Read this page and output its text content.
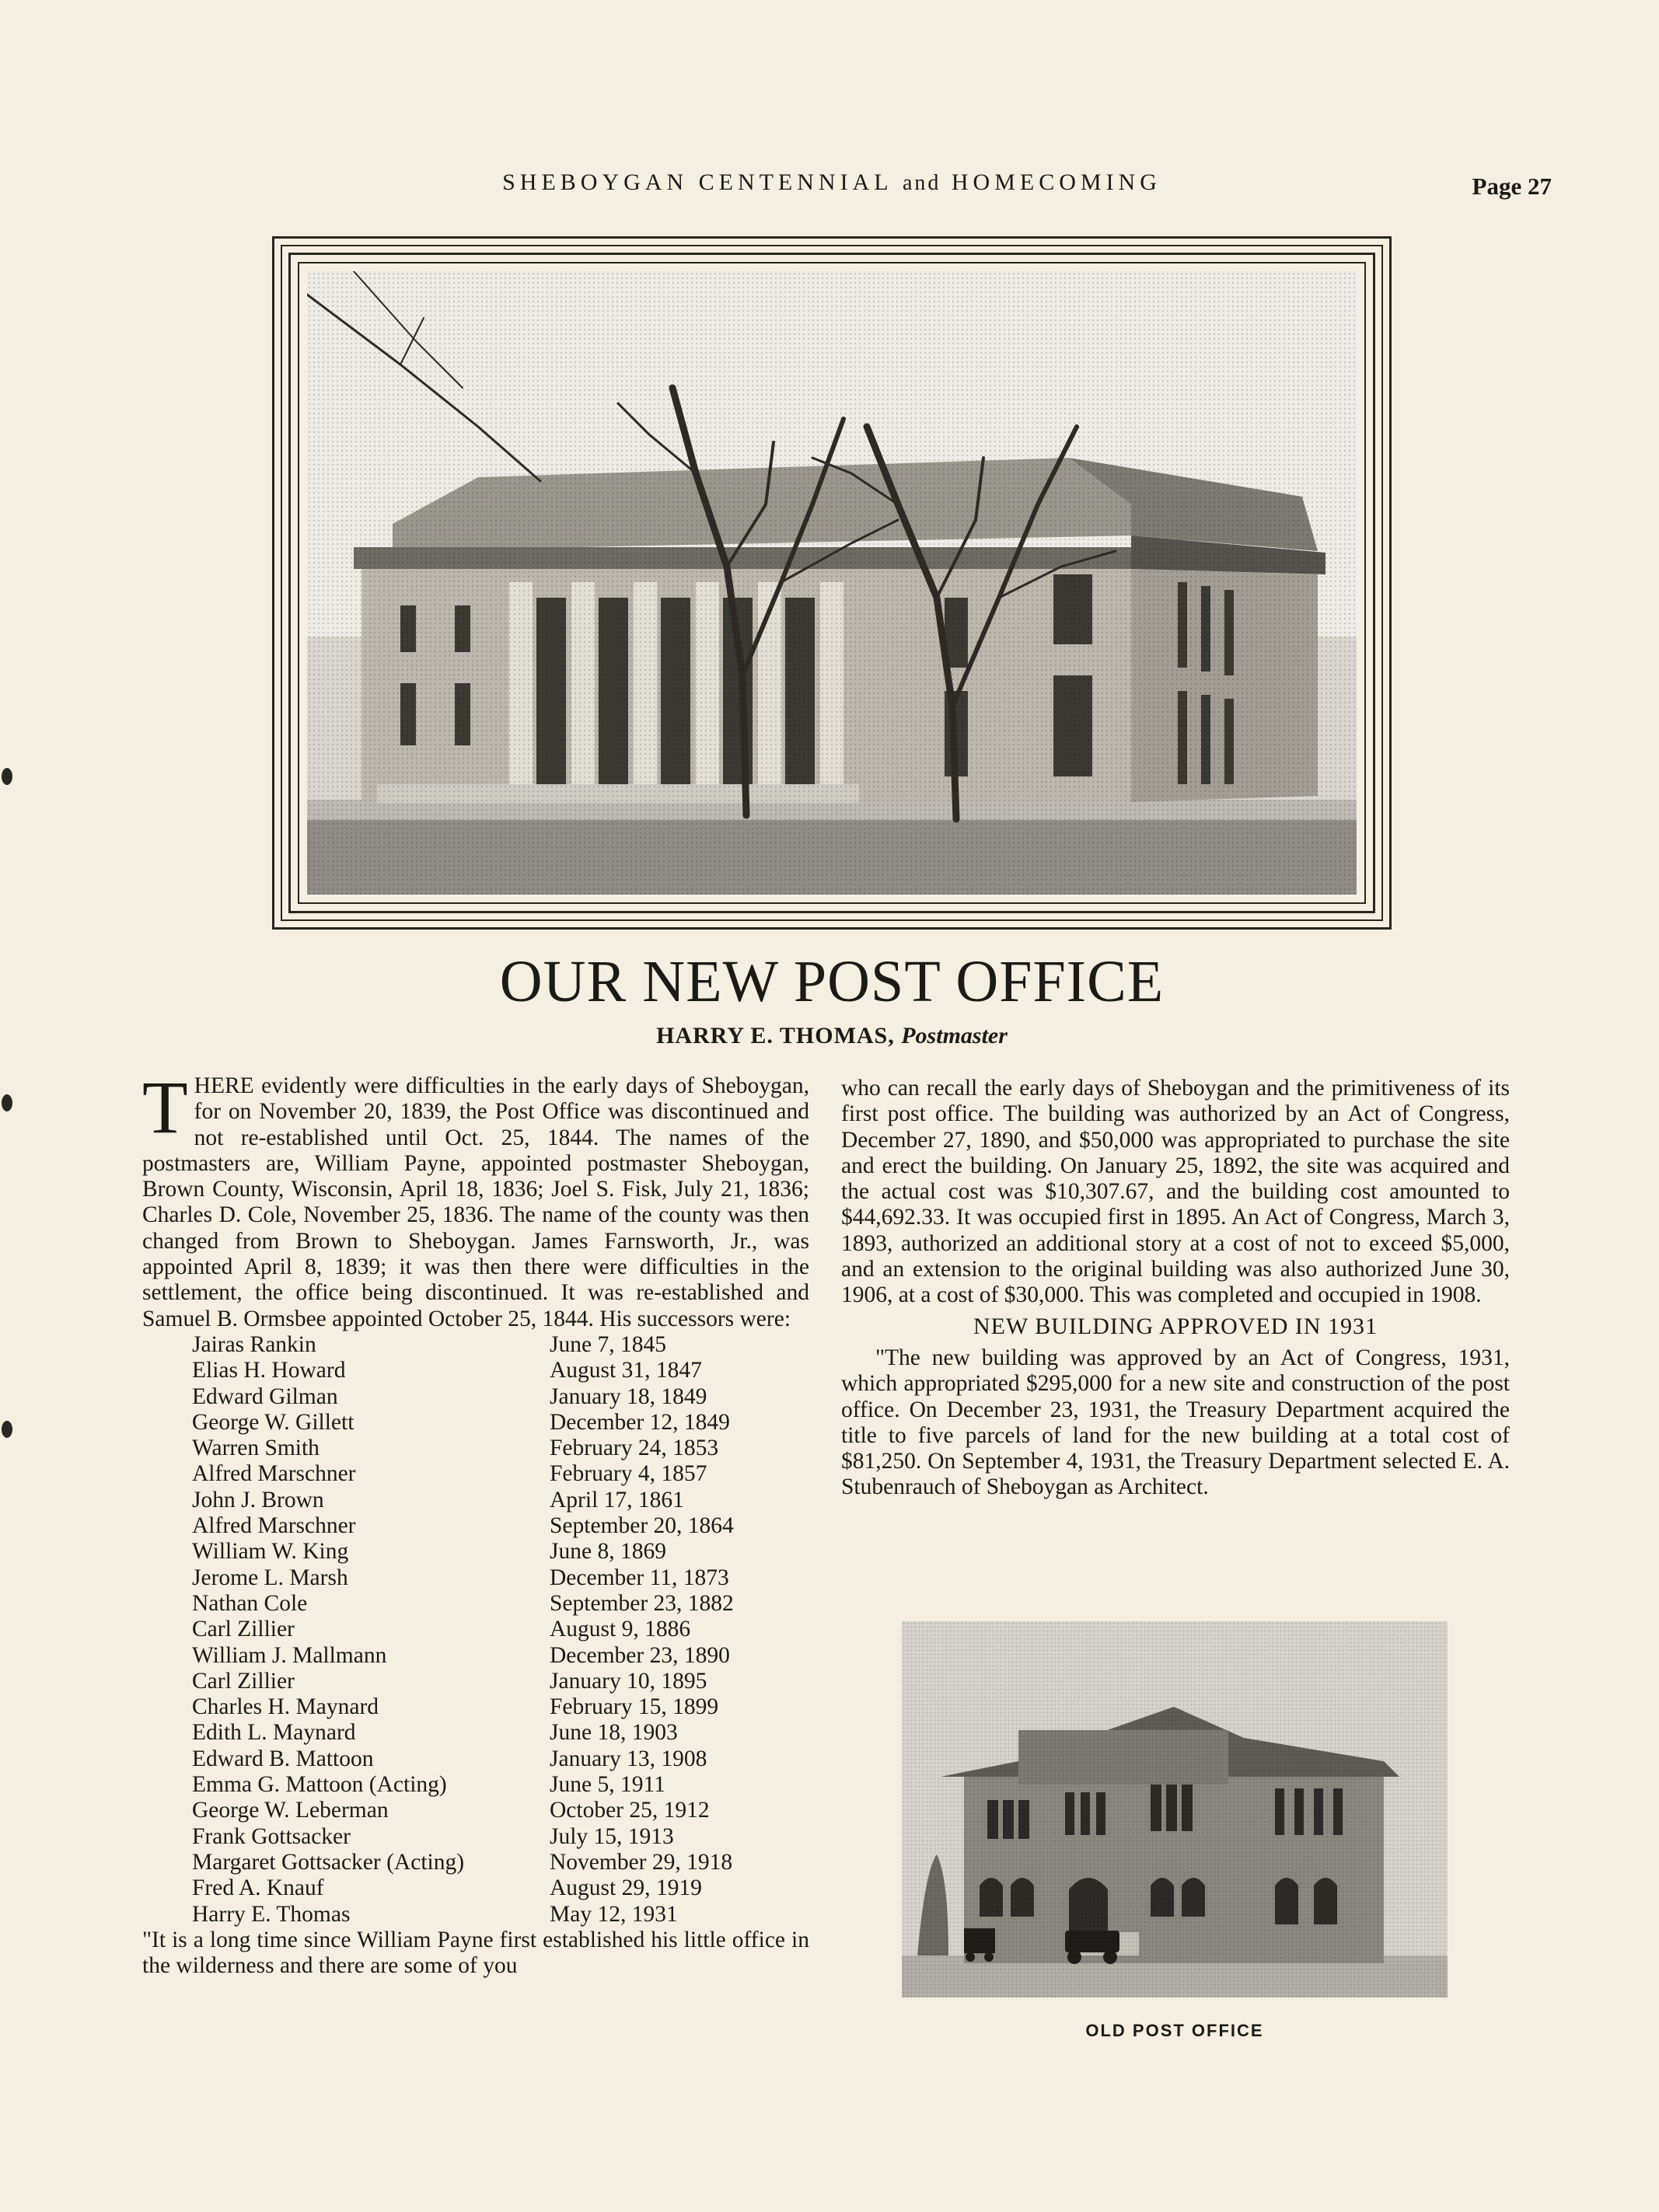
SHEBOYGAN CENTENNIAL and HOMECOMING	Page 27
OUR NEW POST OFFICE
HARRY E. THOMAS, Postmaster

THERE evidently were difficulties in the early days of Sheboygan, for on November 20, 1839, the Post Office was discontinued and not re-established until Oct. 25, 1844. The names of the postmasters are, William Payne, appointed postmaster Sheboygan, Brown County, Wisconsin, April 18, 1836; Joel S. Fisk, July 21, 1836; Charles D. Cole, November 25, 1836. The name of the county was then changed from Brown to Sheboygan. James Farnsworth, Jr., was appointed April 8, 1839; it was then there were difficulties in the settlement, the office being discontinued. It was re-established and Samuel B. Ormsbee appointed October 25, 1844. His successors were:

Jairas Rankin	June 7, 1845
Elias H. Howard	August 31, 1847
Edward Gilman	January 18, 1849
George W. Gillett	December 12, 1849
Warren Smith	February 24, 1853
Alfred Marschner	February 4, 1857
John J. Brown	April 17, 1861
Alfred Marschner	September 20, 1864
William W. King	June 8, 1869
Jerome L. Marsh	December 11, 1873
Nathan Cole	September 23, 1882
Carl Zillier	August 9, 1886
William J. Mallmann	December 23, 1890
Carl Zillier	January 10, 1895
Charles H. Maynard	February 15, 1899
Edith L. Maynard	June 18, 1903
Edward B. Mattoon	January 13, 1908
Emma G. Mattoon (Acting)	June 5, 1911
George W. Leberman	October 25, 1912
Frank Gottsacker	July 15, 1913
Margaret Gottsacker (Acting)	November 29, 1918
Fred A. Knauf	August 29, 1919
Harry E. Thomas	May 12, 1931

"It is a long time since William Payne first established his little office in the wilderness and there are some of you

who can recall the early days of Sheboygan and the primitiveness of its first post office. The building was authorized by an Act of Congress, December 27, 1890, and $50,000 was appropriated to purchase the site and erect the building. On January 25, 1892, the site was acquired and the actual cost was $10,307.67, and the building cost amounted to $44,692.33. It was occupied first in 1895. An Act of Congress, March 3, 1893, authorized an additional story at a cost of not to exceed $5,000, and an extension to the original building was also authorized June 30, 1906, at a cost of $30,000. This was completed and occupied in 1908.

NEW BUILDING APPROVED IN 1931

"The new building was approved by an Act of Congress, 1931, which appropriated $295,000 for a new site and construction of the post office. On December 23, 1931, the Treasury Department acquired the title to five parcels of land for the new building at a total cost of $81,250. On September 4, 1931, the Treasury Department selected E. A. Stubenrauch of Sheboygan as Architect.

OLD POST OFFICE
